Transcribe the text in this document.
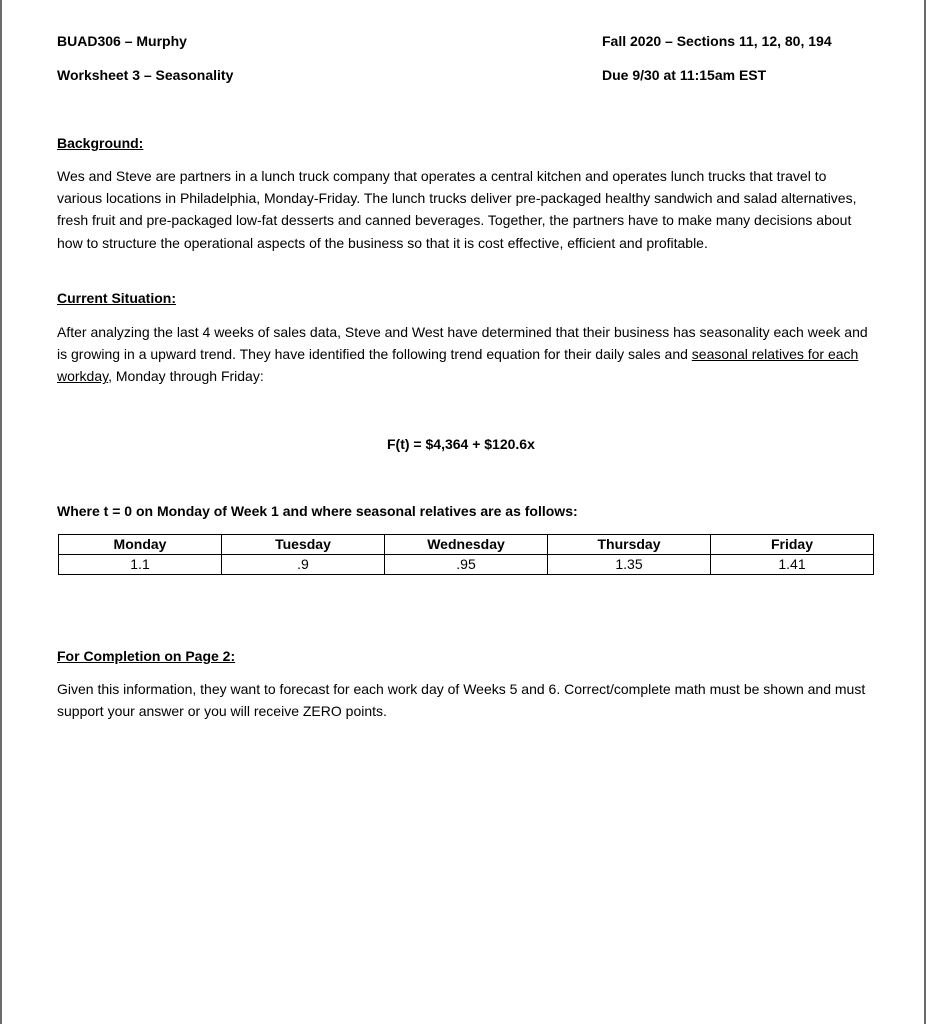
BUAD306 – Murphy	Fall 2020 – Sections 11, 12, 80, 194
Worksheet 3 – Seasonality	Due 9/30 at 11:15am EST
Background:

Wes and Steve are partners in a lunch truck company that operates a central kitchen and operates lunch trucks that travel to various locations in Philadelphia, Monday-Friday. The lunch trucks deliver pre-packaged healthy sandwich and salad alternatives, fresh fruit and pre-packaged low-fat desserts and canned beverages. Together, the partners have to make many decisions about how to structure the operational aspects of the business so that it is cost effective, efficient and profitable.

Current Situation:

After analyzing the last 4 weeks of sales data, Steve and West have determined that their business has seasonality each week and is growing in a upward trend. They have identified the following trend equation for their daily sales and seasonal relatives for each workday, Monday through Friday:

F(t) = $4,364 + $120.6x
Where t = 0 on Monday of Week 1 and where seasonal relatives are as follows:
Monday	Tuesday	Wednesday	Thursday	Friday
1.1	.9	.95	1.35	1.41
For Completion on Page 2:

Given this information, they want to forecast for each work day of Weeks 5 and 6. Correct/complete math must be shown and must support your answer or you will receive ZERO points.
